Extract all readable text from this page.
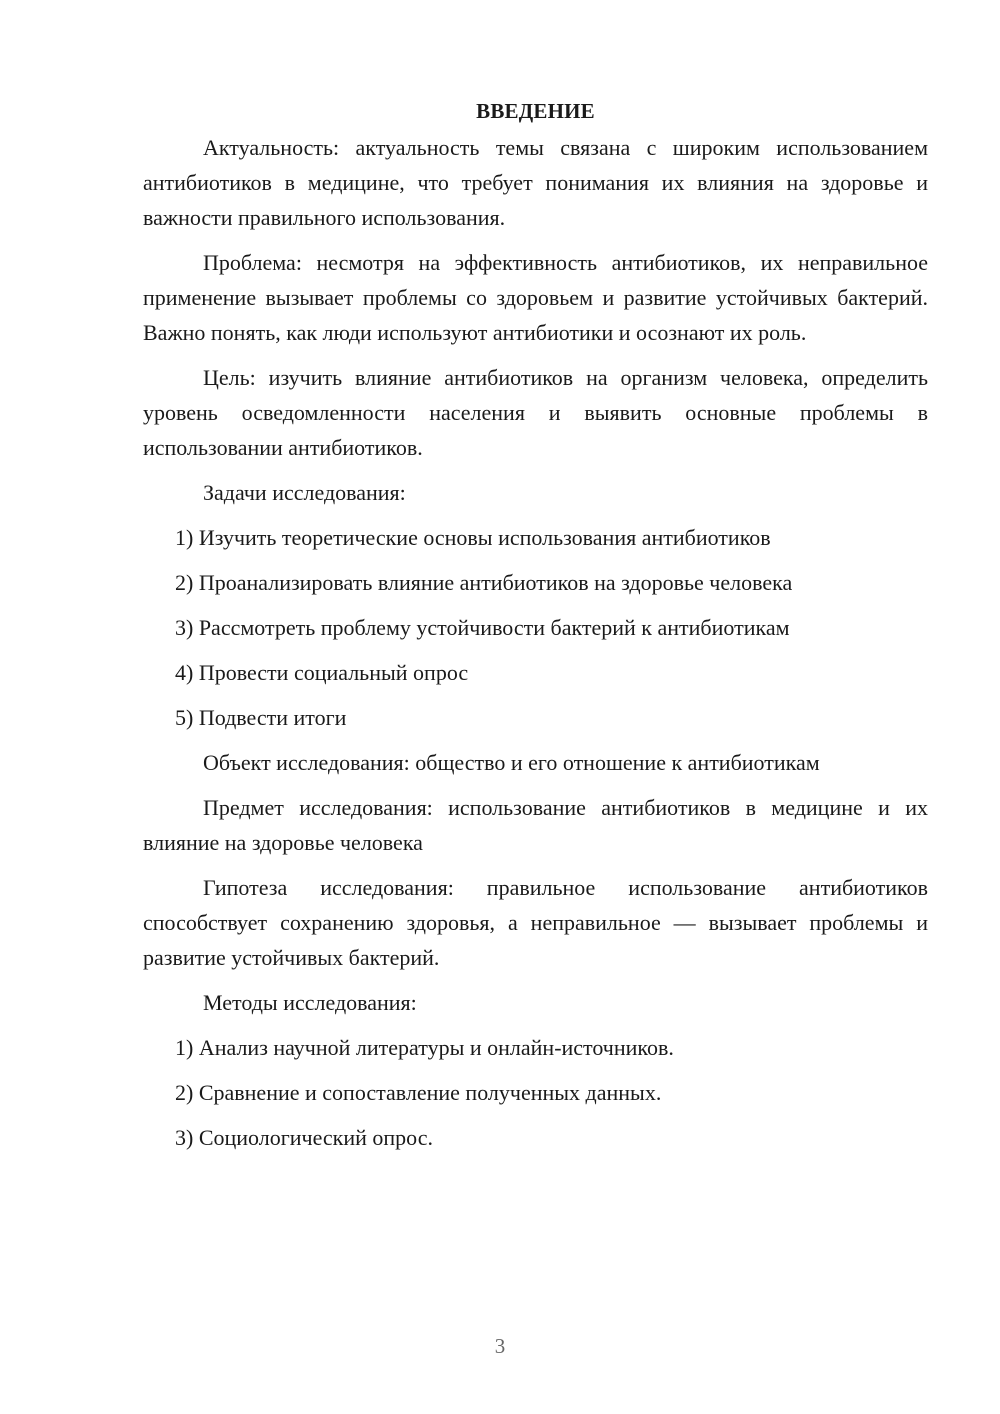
ВВЕДЕНИЕ

Актуальность: актуальность темы связана с широким использованием антибиотиков в медицине, что требует понимания их влияния на здоровье и важности правильного использования.

Проблема: несмотря на эффективность антибиотиков, их неправильное применение вызывает проблемы со здоровьем и развитие устойчивых бактерий. Важно понять, как люди используют антибиотики и осознают их роль.

Цель: изучить влияние антибиотиков на организм человека, определить уровень осведомленности населения и выявить основные проблемы в использовании антибиотиков.

Задачи исследования:

1) Изучить теоретические основы использования антибиотиков
2) Проанализировать влияние антибиотиков на здоровье человека
3) Рассмотреть проблему устойчивости бактерий к антибиотикам
4) Провести социальный опрос
5) Подвести итоги

Объект исследования: общество и его отношение к антибиотикам

Предмет исследования: использование антибиотиков в медицине и их влияние на здоровье человека

Гипотеза исследования: правильное использование антибиотиков способствует сохранению здоровья, а неправильное — вызывает проблемы и развитие устойчивых бактерий.

Методы исследования:

1) Анализ научной литературы и онлайн-источников.
2) Сравнение и сопоставление полученных данных.
3) Социологический опрос.
3
